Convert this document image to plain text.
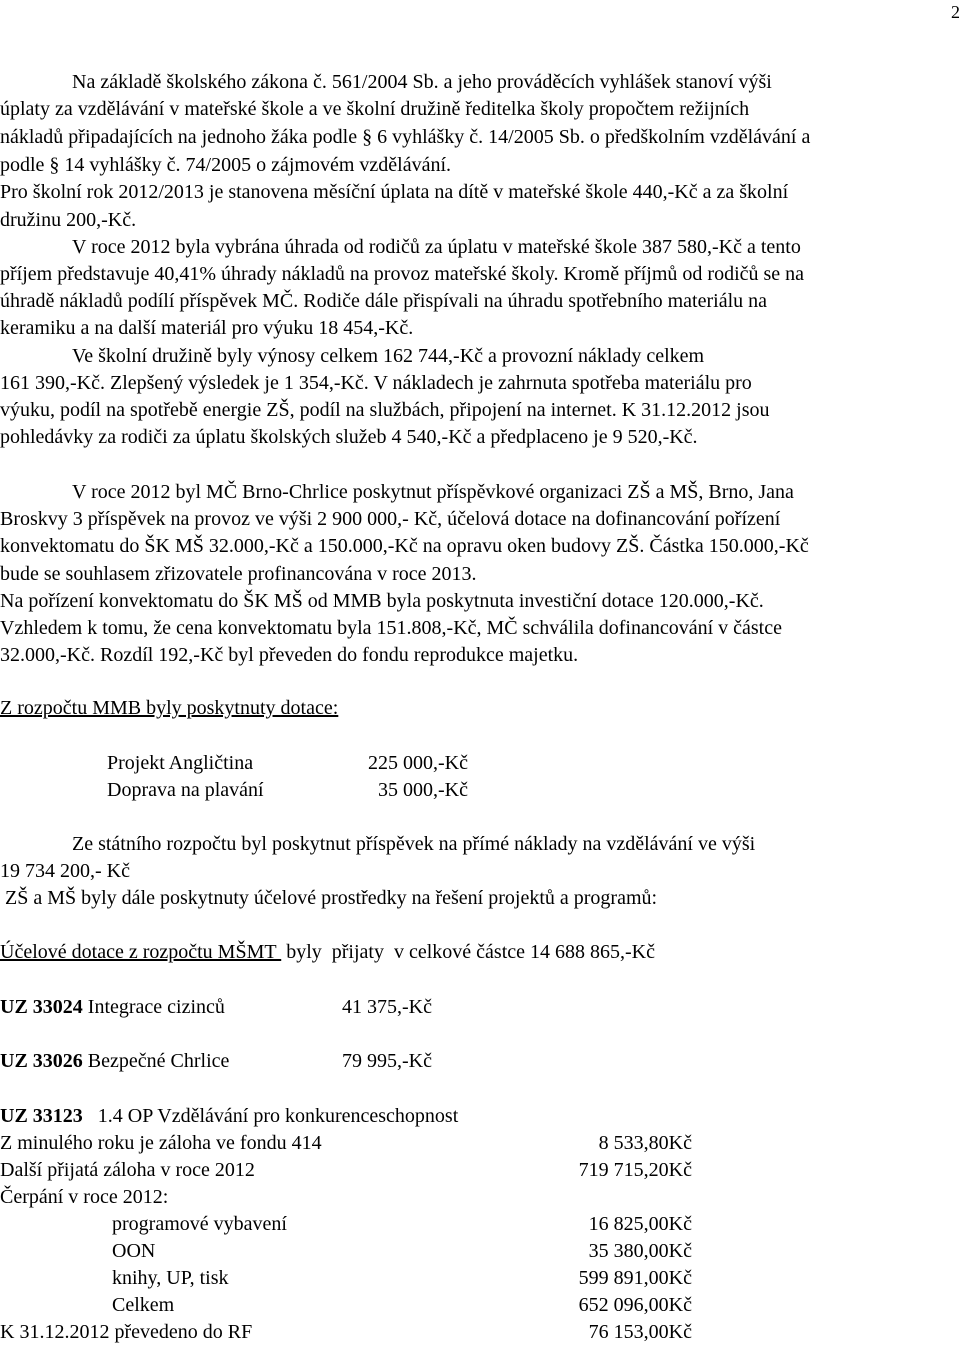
2
Na základě školského zákona č. 561/2004 Sb. a jeho prováděcích vyhlášek stanoví výši
úplaty za vzdělávání v mateřské škole a ve školní družině ředitelka školy propočtem režijních
nákladů připadajících na jednoho žáka podle § 6 vyhlášky č. 14/2005 Sb. o předškolním vzdělávání a
podle § 14 vyhlášky č. 74/2005 o zájmovém vzdělávání.
Pro školní rok 2012/2013 je stanovena měsíční úplata na dítě v mateřské škole 440,-Kč a za školní
družinu 200,-Kč.
V roce 2012 byla vybrána úhrada od rodičů za úplatu v mateřské škole 387 580,-Kč a tento
příjem představuje 40,41% úhrady nákladů na provoz mateřské školy. Kromě příjmů od rodičů se na
úhradě nákladů podílí příspěvek MČ. Rodiče dále přispívali na úhradu spotřebního materiálu na
keramiku a na další materiál pro výuku 18 454,-Kč.
Ve školní družině byly výnosy celkem 162 744,-Kč a provozní náklady celkem
161 390,-Kč. Zlepšený výsledek je 1 354,-Kč. V nákladech je zahrnuta spotřeba materiálu pro
výuku, podíl na spotřebě energie ZŠ, podíl na službách, připojení na internet. K 31.12.2012 jsou
pohledávky za rodiči za úplatu školských služeb 4 540,-Kč a předplaceno je 9 520,-Kč.
V roce 2012 byl MČ Brno-Chrlice poskytnut příspěvkové organizaci ZŠ a MŠ, Brno, Jana
Broskvy 3 příspěvek na provoz ve výši 2 900 000,- Kč, účelová dotace na dofinancování pořízení
konvektomatu do ŠK MŠ 32.000,-Kč a 150.000,-Kč na opravu oken budovy ZŠ. Částka 150.000,-Kč
bude se souhlasem zřizovatele profinancována v roce 2013.
Na pořízení konvektomatu do ŠK MŠ od MMB byla poskytnuta investiční dotace 120.000,-Kč.
Vzhledem k tomu, že cena konvektomatu byla 151.808,-Kč, MČ schválila dofinancování v částce
32.000,-Kč. Rozdíl 192,-Kč byl převeden do fondu reprodukce majetku.
Z rozpočtu MMB byly poskytnuty dotace:
Projekt Angličtina	225 000,-Kč
Doprava na plavání	35 000,-Kč
Ze státního rozpočtu byl poskytnut příspěvek na přímé náklady na vzdělávání ve výši
19 734 200,- Kč
ZŠ a MŠ byly dále poskytnuty účelové prostředky na řešení projektů a programů:
Účelové dotace z rozpočtu MŠMT  byly  přijaty  v celkové částce 14 688 865,-Kč
UZ 33024 Integrace cizinců	41 375,-Kč
UZ 33026 Bezpečné Chrlice	79 995,-Kč
UZ 33123   1.4 OP Vzdělávání pro konkurenceschopnost
Z minulého roku je záloha ve fondu 414	8 533,80Kč
Další přijatá záloha v roce 2012	719 715,20Kč
Čerpání v roce 2012:
programové vybavení	16 825,00Kč
OON	35 380,00Kč
knihy, UP, tisk	599 891,00Kč
Celkem	652 096,00Kč
K 31.12.2012 převedeno do RF	76 153,00Kč
